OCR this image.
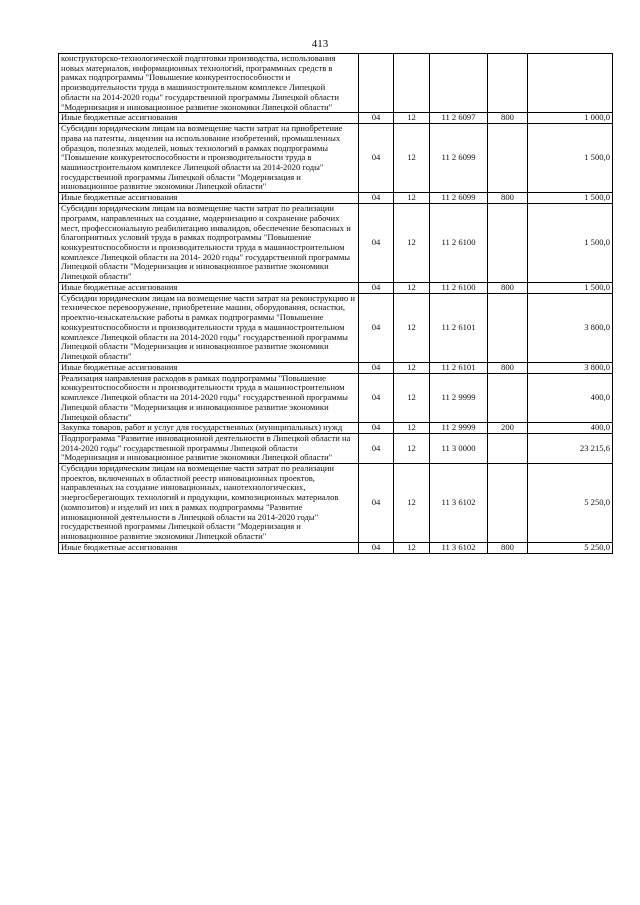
413
конструкторско-технологической подготовки производства, использования новых материалов, информационных технологий, программных средств в рамках подпрограммы "Повышение конкурентоспособности и производительности труда в машиностроительном комплексе Липецкой области на 2014-2020 годы" государственной программы Липецкой области "Модернизация и инновационное развитие экономики Липецкой области"					
Иные бюджетные ассигнования	04	12	11 2 6097	800	1 000,0
Субсидии юридическим лицам на возмещение части затрат на приобретение права на патенты, лицензии на использование изобретений, промышленных образцов, полезных моделей, новых технологий в рамках подпрограммы "Повышение конкурентоспособности и производительности труда в машиностроительном комплексе Липецкой области на 2014-2020 годы" государственной программы Липецкой области "Модернизация и инновационное развитие экономики Липецкой области"	04	12	11 2 6099		1 500,0
Иные бюджетные ассигнования	04	12	11 2 6099	800	1 500,0
Субсидии юридическим лицам на возмещение части затрат по реализации программ, направленных на создание, модернизацию и сохранение рабочих мест, профессиональную реабилитацию инвалидов, обеспечение безопасных и благоприятных условий труда в рамках подпрограммы "Повышение конкурентоспособности и производительности труда в машиностроительном комплексе Липецкой области на 2014- 2020 годы" государственной программы Липецкой области "Модернизация и инновационное развитие экономики Липецкой области"	04	12	11 2 6100		1 500,0
Иные бюджетные ассигнования	04	12	11 2 6100	800	1 500,0
Субсидии юридическим лицам на возмещение части затрат на реконструкцию и техническое перевооружение, приобретение машин, оборудования, оснастки, проектно-изыскательские работы в рамках подпрограммы "Повышение конкурентоспособности и производительности труда в машиностроительном комплексе Липецкой области на 2014-2020 годы" государственной программы Липецкой области "Модернизация и инновационное развитие экономики Липецкой области"	04	12	11 2 6101		3 800,0
Иные бюджетные ассигнования	04	12	11 2 6101	800	3 800,0
Реализация направления расходов в рамках подпрограммы "Повышение конкурентоспособности и производительности труда в машиностроительном комплексе Липецкой области на 2014-2020 годы" государственной программы Липецкой области "Модернизация и инновационное развитие экономики Липецкой области"	04	12	11 2 9999		400,0
Закупка товаров, работ и услуг для государственных (муниципальных) нужд	04	12	11 2 9999	200	400,0
Подпрограмма "Развитие инновационной деятельности в Липецкой области на 2014-2020 годы" государственной программы Липецкой области "Модернизация и инновационное развитие экономики Липецкой области"	04	12	11 3 0000		23 215,6
Субсидии юридическим лицам на возмещение части затрат по реализации проектов, включенных в областной реестр инновационных проектов, направленных на создание инновационных, нанотехнологических, энергосберегающих технологий и продукции, композиционных материалов (композитов) и изделий из них в рамках подпрограммы "Развитие инновационной деятельности в Липецкой области на 2014-2020 годы" государственной программы Липецкой области "Модернизация и инновационное развитие экономики Липецкой области"	04	12	11 3 6102		5 250,0
Иные бюджетные ассигнования	04	12	11 3 6102	800	5 250,0
